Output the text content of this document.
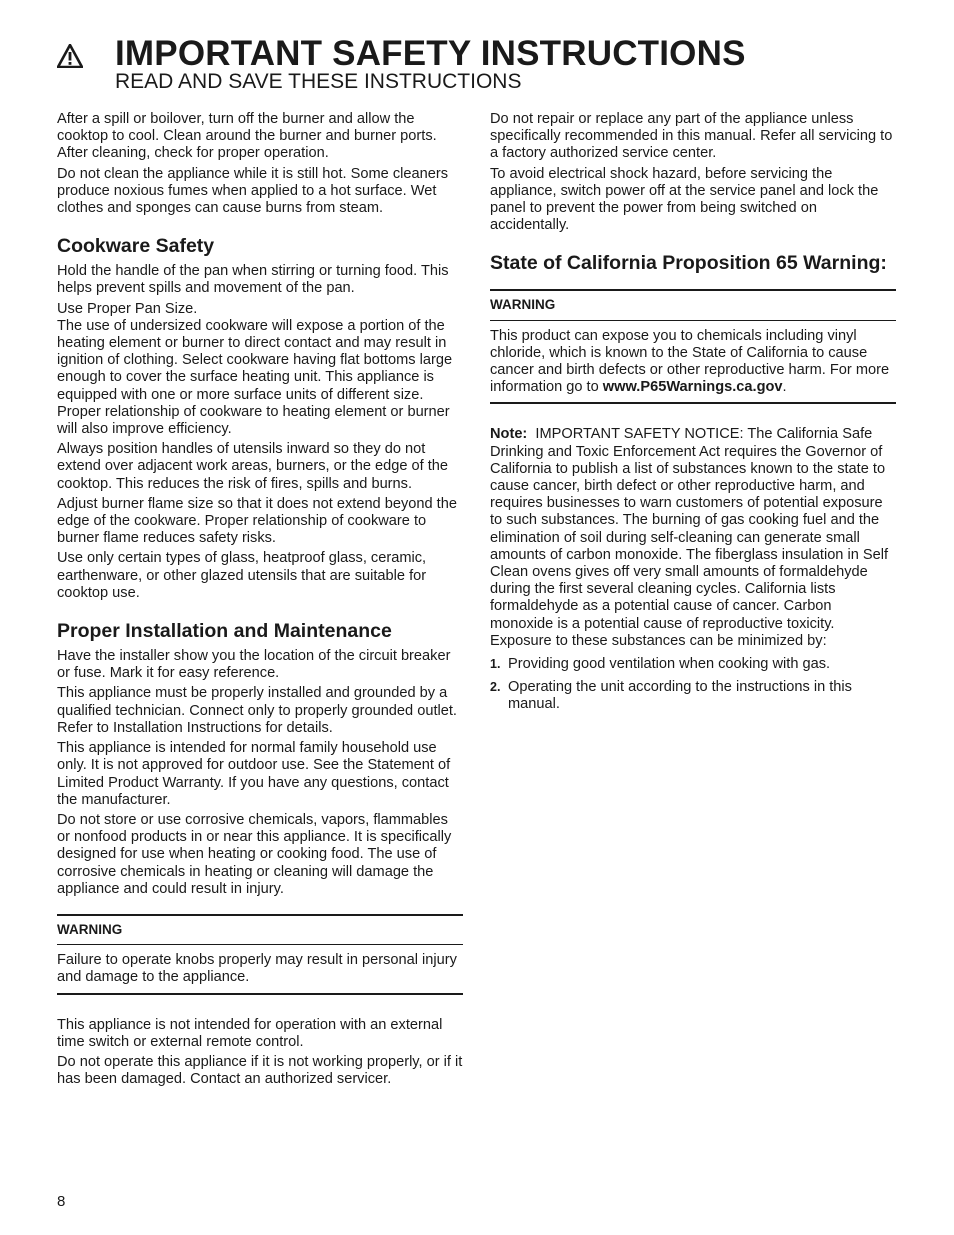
IMPORTANT SAFETY INSTRUCTIONS
READ AND SAVE THESE INSTRUCTIONS

After a spill or boilover, turn off the burner and allow the cooktop to cool. Clean around the burner and burner ports. After cleaning, check for proper operation.

Do not clean the appliance while it is still hot. Some cleaners produce noxious fumes when applied to a hot surface. Wet clothes and sponges can cause burns from steam.

Cookware Safety

Hold the handle of the pan when stirring or turning food. This helps prevent spills and movement of the pan.

Use Proper Pan Size.
The use of undersized cookware will expose a portion of the heating element or burner to direct contact and may result in ignition of clothing. Select cookware having flat bottoms large enough to cover the surface heating unit. This appliance is equipped with one or more surface units of different size. Proper relationship of cookware to heating element or burner will also improve efficiency.

Always position handles of utensils inward so they do not extend over adjacent work areas, burners, or the edge of the cooktop. This reduces the risk of fires, spills and burns.

Adjust burner flame size so that it does not extend beyond the edge of the cookware. Proper relationship of cookware to burner flame reduces safety risks.

Use only certain types of glass, heatproof glass, ceramic, earthenware, or other glazed utensils that are suitable for cooktop use.

Proper Installation and Maintenance

Have the installer show you the location of the circuit breaker or fuse. Mark it for easy reference.

This appliance must be properly installed and grounded by a qualified technician. Connect only to properly grounded outlet. Refer to Installation Instructions for details.

This appliance is intended for normal family household use only. It is not approved for outdoor use. See the Statement of Limited Product Warranty. If you have any questions, contact the manufacturer.

Do not store or use corrosive chemicals, vapors, flammables or nonfood products in or near this appliance. It is specifically designed for use when heating or cooking food. The use of corrosive chemicals in heating or cleaning will damage the appliance and could result in injury.

WARNING
Failure to operate knobs properly may result in personal injury and damage to the appliance.

This appliance is not intended for operation with an external time switch or external remote control.

Do not operate this appliance if it is not working properly, or if it has been damaged. Contact an authorized servicer.

Do not repair or replace any part of the appliance unless specifically recommended in this manual. Refer all servicing to a factory authorized service center.

To avoid electrical shock hazard, before servicing the appliance, switch power off at the service panel and lock the panel to prevent the power from being switched on accidentally.

State of California Proposition 65 Warning:
WARNING
This product can expose you to chemicals including vinyl chloride, which is known to the State of California to cause cancer and birth defects or other reproductive harm. For more information go to www.P65Warnings.ca.gov.

Note: IMPORTANT SAFETY NOTICE: The California Safe Drinking and Toxic Enforcement Act requires the Governor of California to publish a list of substances known to the state to cause cancer, birth defect or other reproductive harm, and requires businesses to warn customers of potential exposure to such substances. The burning of gas cooking fuel and the elimination of soil during self-cleaning can generate small amounts of carbon monoxide. The fiberglass insulation in Self Clean ovens gives off very small amounts of formaldehyde during the first several cleaning cycles. California lists formaldehyde as a potential cause of cancer. Carbon monoxide is a potential cause of reproductive toxicity. Exposure to these substances can be minimized by:

1. Providing good ventilation when cooking with gas.
2. Operating the unit according to the instructions in this manual.
8
